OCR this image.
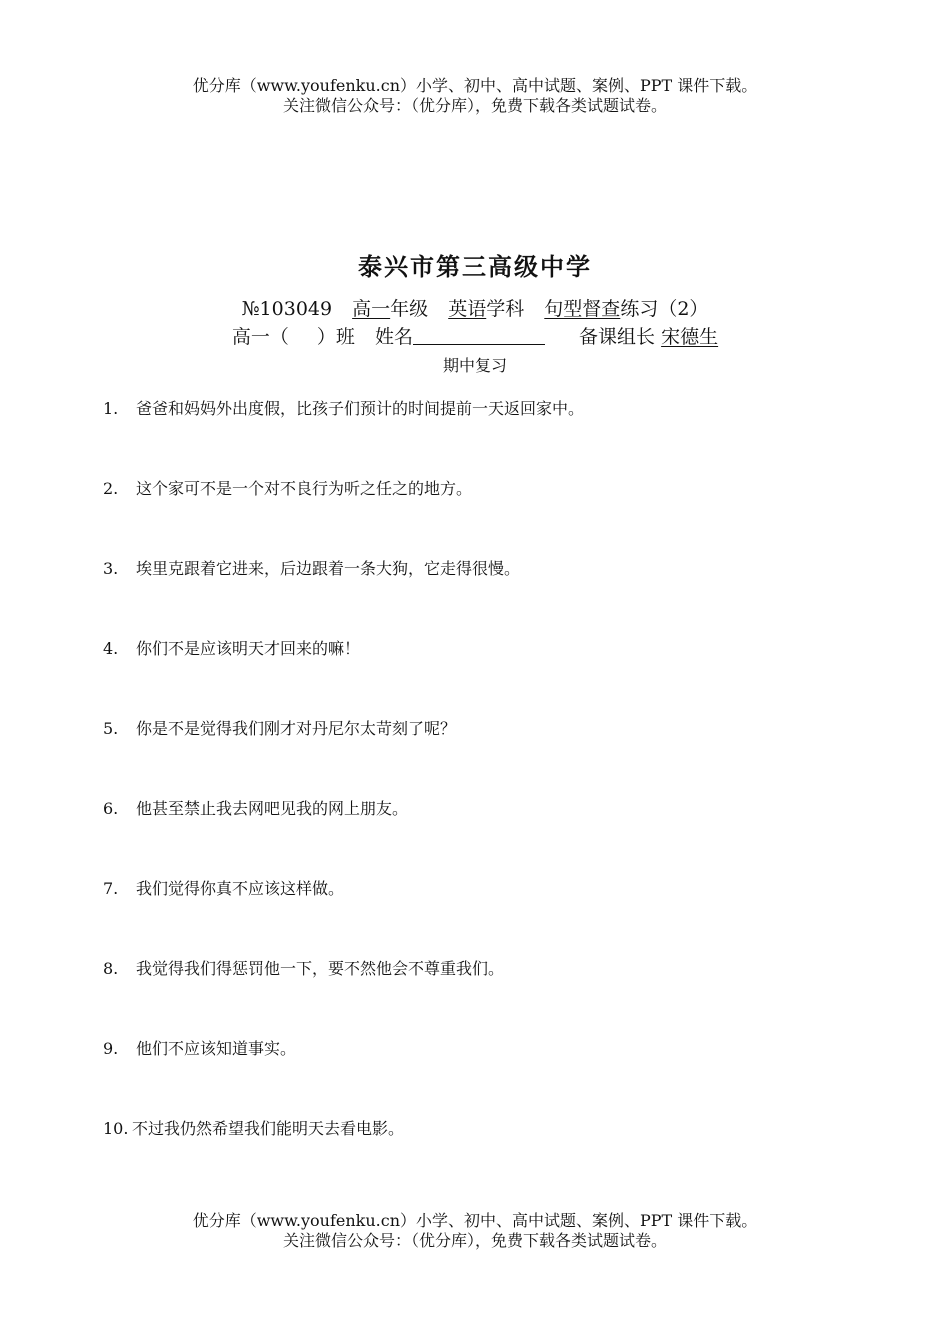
优分库（www.youfenku.cn）小学、初中、高中试题、案例、PPT 课件下载。
关注微信公众号：（优分库），免费下载各类试题试卷。
泰兴市第三高级中学
№103049 高一年级 英语学科 句型督查练习（2）
高一（ ）班 姓名	备课组长 宋德生
期中复习
1. 爸爸和妈妈外出度假，比孩子们预计的时间提前一天返回家中。
2. 这个家可不是一个对不良行为听之任之的地方。
3. 埃里克跟着它进来，后边跟着一条大狗，它走得很慢。
4. 你们不是应该明天才回来的嘛！
5. 你是不是觉得我们刚才对丹尼尔太苛刻了呢？
6. 他甚至禁止我去网吧见我的网上朋友。
7. 我们觉得你真不应该这样做。
8. 我觉得我们得惩罚他一下，要不然他会不尊重我们。
9. 他们不应该知道事实。
10. 不过我仍然希望我们能明天去看电影。
优分库（www.youfenku.cn）小学、初中、高中试题、案例、PPT 课件下载。
关注微信公众号：（优分库），免费下载各类试题试卷。
